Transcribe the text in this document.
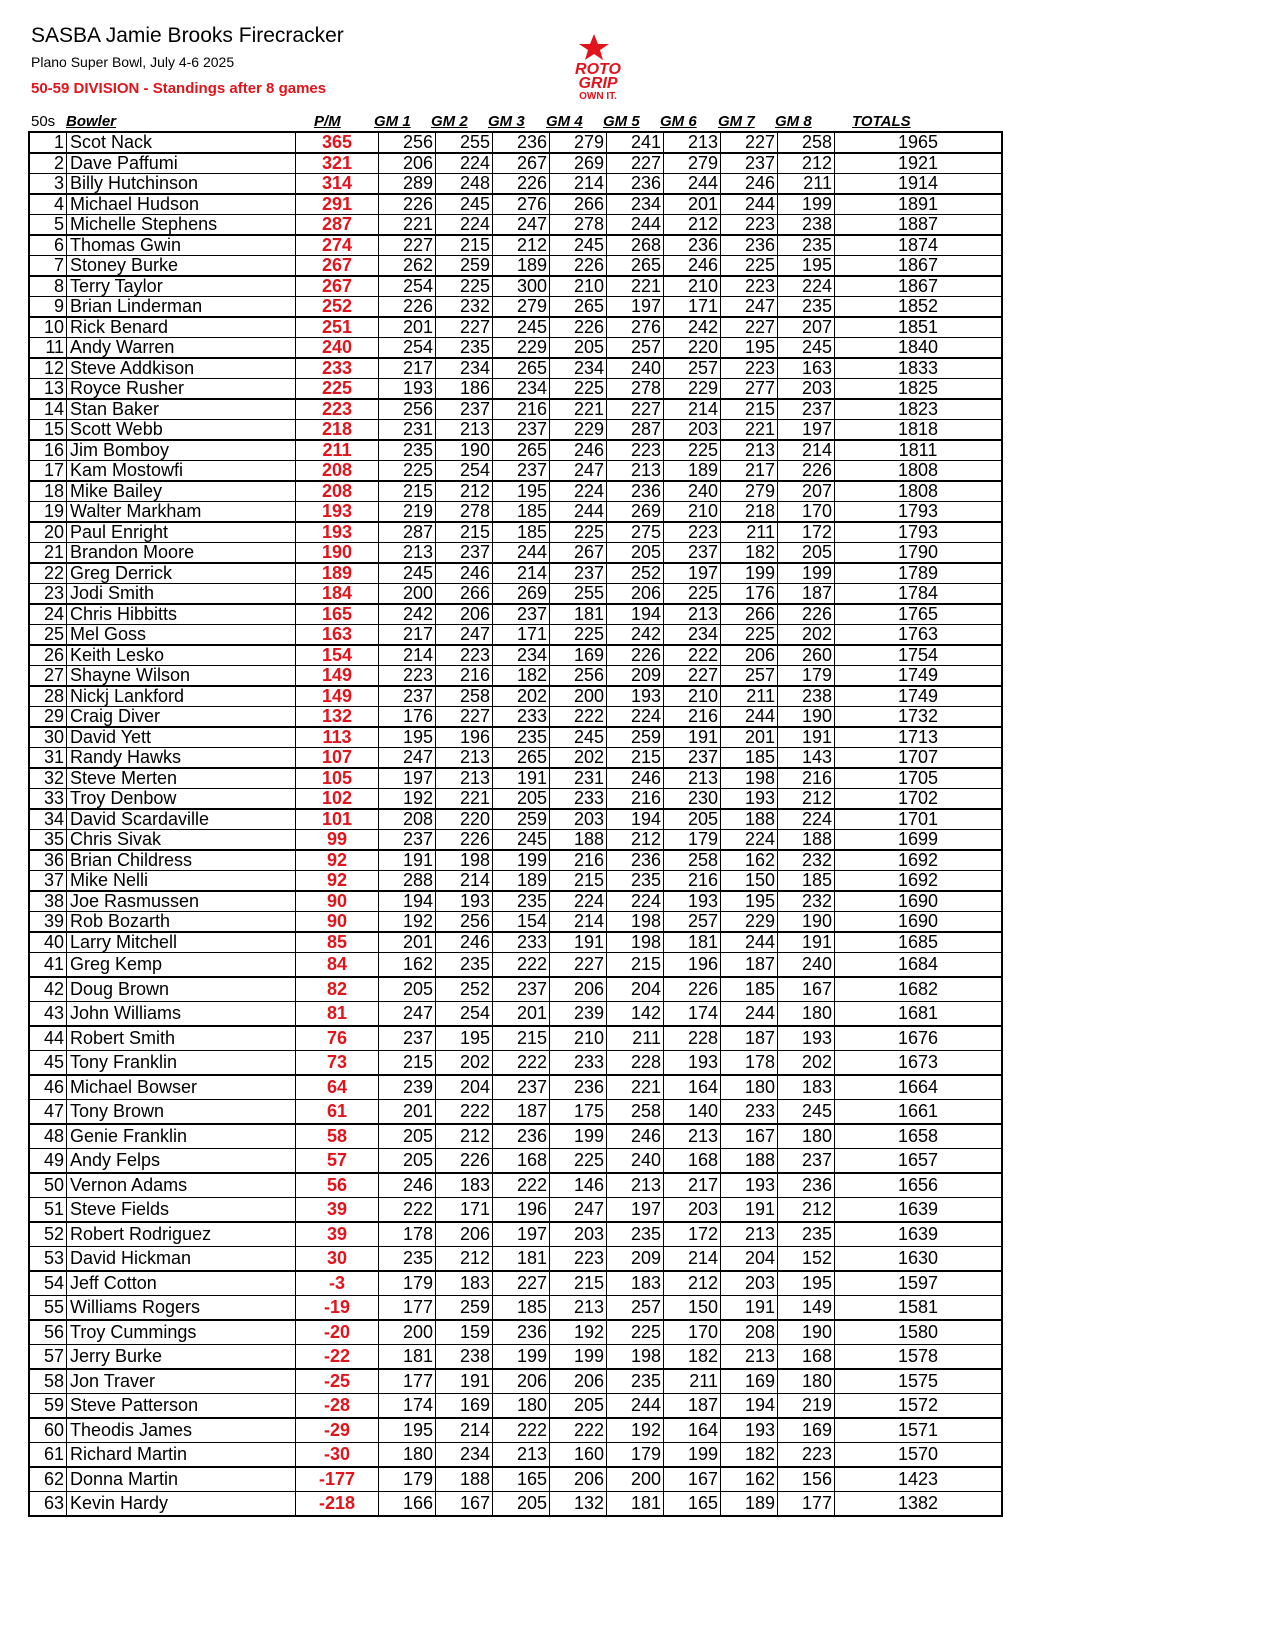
SASBA Jamie Brooks Firecracker
Plano Super Bowl, July 4-6 2025
50-59 DIVISION - Standings after 8 games
ROTO
GRIP
OWN IT.
50s Bowler	P/M GM 1 GM 2 GM 3 GM 4 GM 5 GM 6 GM 7 GM 8	TOTALS
1	Scot Nack	365	256	255	236	279	241	213	227	258	1965
2	Dave Paffumi	321	206	224	267	269	227	279	237	212	1921
3	Billy Hutchinson	314	289	248	226	214	236	244	246	211	1914
4	Michael Hudson	291	226	245	276	266	234	201	244	199	1891
5	Michelle Stephens	287	221	224	247	278	244	212	223	238	1887
6	Thomas Gwin	274	227	215	212	245	268	236	236	235	1874
7	Stoney Burke	267	262	259	189	226	265	246	225	195	1867
8	Terry Taylor	267	254	225	300	210	221	210	223	224	1867
9	Brian Linderman	252	226	232	279	265	197	171	247	235	1852
10	Rick Benard	251	201	227	245	226	276	242	227	207	1851
11	Andy Warren	240	254	235	229	205	257	220	195	245	1840
12	Steve Addkison	233	217	234	265	234	240	257	223	163	1833
13	Royce Rusher	225	193	186	234	225	278	229	277	203	1825
14	Stan Baker	223	256	237	216	221	227	214	215	237	1823
15	Scott Webb	218	231	213	237	229	287	203	221	197	1818
16	Jim Bomboy	211	235	190	265	246	223	225	213	214	1811
17	Kam Mostowfi	208	225	254	237	247	213	189	217	226	1808
18	Mike Bailey	208	215	212	195	224	236	240	279	207	1808
19	Walter Markham	193	219	278	185	244	269	210	218	170	1793
20	Paul Enright	193	287	215	185	225	275	223	211	172	1793
21	Brandon Moore	190	213	237	244	267	205	237	182	205	1790
22	Greg Derrick	189	245	246	214	237	252	197	199	199	1789
23	Jodi Smith	184	200	266	269	255	206	225	176	187	1784
24	Chris Hibbitts	165	242	206	237	181	194	213	266	226	1765
25	Mel Goss	163	217	247	171	225	242	234	225	202	1763
26	Keith Lesko	154	214	223	234	169	226	222	206	260	1754
27	Shayne Wilson	149	223	216	182	256	209	227	257	179	1749
28	Nickj Lankford	149	237	258	202	200	193	210	211	238	1749
29	Craig Diver	132	176	227	233	222	224	216	244	190	1732
30	David Yett	113	195	196	235	245	259	191	201	191	1713
31	Randy Hawks	107	247	213	265	202	215	237	185	143	1707
32	Steve Merten	105	197	213	191	231	246	213	198	216	1705
33	Troy Denbow	102	192	221	205	233	216	230	193	212	1702
34	David Scardaville	101	208	220	259	203	194	205	188	224	1701
35	Chris Sivak	99	237	226	245	188	212	179	224	188	1699
36	Brian Childress	92	191	198	199	216	236	258	162	232	1692
37	Mike Nelli	92	288	214	189	215	235	216	150	185	1692
38	Joe Rasmussen	90	194	193	235	224	224	193	195	232	1690
39	Rob Bozarth	90	192	256	154	214	198	257	229	190	1690
40	Larry Mitchell	85	201	246	233	191	198	181	244	191	1685
41	Greg Kemp	84	162	235	222	227	215	196	187	240	1684
42	Doug Brown	82	205	252	237	206	204	226	185	167	1682
43	John Williams	81	247	254	201	239	142	174	244	180	1681
44	Robert Smith	76	237	195	215	210	211	228	187	193	1676
45	Tony Franklin	73	215	202	222	233	228	193	178	202	1673
46	Michael Bowser	64	239	204	237	236	221	164	180	183	1664
47	Tony Brown	61	201	222	187	175	258	140	233	245	1661
48	Genie Franklin	58	205	212	236	199	246	213	167	180	1658
49	Andy Felps	57	205	226	168	225	240	168	188	237	1657
50	Vernon Adams	56	246	183	222	146	213	217	193	236	1656
51	Steve Fields	39	222	171	196	247	197	203	191	212	1639
52	Robert Rodriguez	39	178	206	197	203	235	172	213	235	1639
53	David Hickman	30	235	212	181	223	209	214	204	152	1630
54	Jeff Cotton	-3	179	183	227	215	183	212	203	195	1597
55	Williams Rogers	-19	177	259	185	213	257	150	191	149	1581
56	Troy Cummings	-20	200	159	236	192	225	170	208	190	1580
57	Jerry Burke	-22	181	238	199	199	198	182	213	168	1578
58	Jon Traver	-25	177	191	206	206	235	211	169	180	1575
59	Steve Patterson	-28	174	169	180	205	244	187	194	219	1572
60	Theodis James	-29	195	214	222	222	192	164	193	169	1571
61	Richard Martin	-30	180	234	213	160	179	199	182	223	1570
62	Donna Martin	-177	179	188	165	206	200	167	162	156	1423
63	Kevin Hardy	-218	166	167	205	132	181	165	189	177	1382
